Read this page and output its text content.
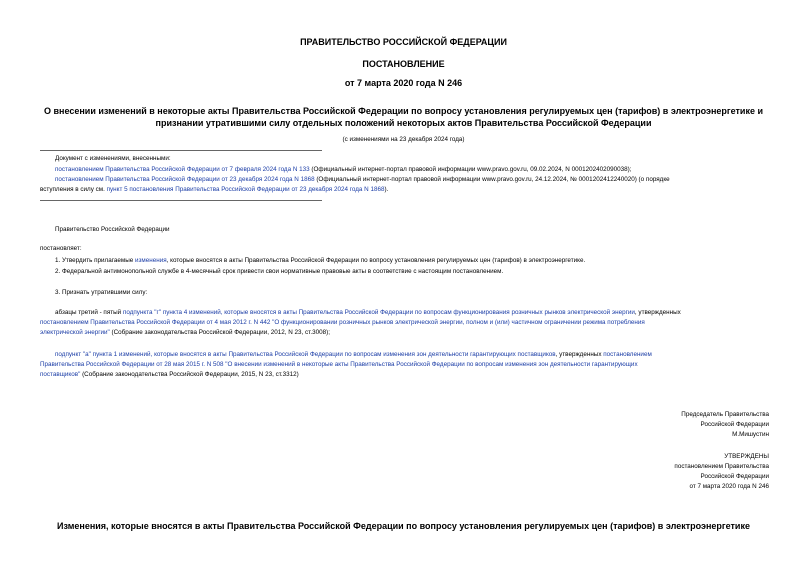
ПРАВИТЕЛЬСТВО РОССИЙСКОЙ ФЕДЕРАЦИИ
ПОСТАНОВЛЕНИЕ
от 7 марта 2020 года N 246
О внесении изменений в некоторые акты Правительства Российской Федерации по вопросу установления регулируемых цен (тарифов) в электроэнергетике и
признании утратившими силу отдельных положений некоторых актов Правительства Российской Федерации
(с изменениями на 23 декабря 2024 года)
Документ с изменениями, внесенными:
постановлением Правительства Российской Федерации от 7 февраля 2024 года N 133 (Официальный интернет-портал правовой информации www.pravo.gov.ru, 09.02.2024, N 0001202402090038);
постановлением Правительства Российской Федерации от 23 декабря 2024 года N 1868 (Официальный интернет-портал правовой информации www.pravo.gov.ru, 24.12.2024, № 0001202412240020) (о порядке
вступления в силу см. пункт 5 постановления Правительства Российской Федерации от 23 декабря 2024 года N 1868).
Правительство Российской Федерации
постановляет:
1. Утвердить прилагаемые изменения, которые вносятся в акты Правительства Российской Федерации по вопросу установления регулируемых цен (тарифов) в электроэнергетике.
2. Федеральной антимонопольной службе в 4-месячный срок привести свои нормативные правовые акты в соответствие с настоящим постановлением.
3. Признать утратившими силу:
абзацы третий - пятый подпункта "г" пункта 4 изменений, которые вносятся в акты Правительства Российской Федерации по вопросам функционирования розничных рынков электрической энергии, утвержденных
постановлением Правительства Российской Федерации от 4 мая 2012 г. N 442 "О функционировании розничных рынков электрической энергии, полном и (или) частичном ограничении режима потребления
электрической энергии" (Собрание законодательства Российской Федерации, 2012, N 23, ст.3008);
подпункт "а" пункта 1 изменений, которые вносятся в акты Правительства Российской Федерации по вопросам изменения зон деятельности гарантирующих поставщиков, утвержденных постановлением
Правительства Российской Федерации от 28 мая 2015 г. N 508 "О внесении изменений в некоторые акты Правительства Российской Федерации по вопросам изменения зон деятельности гарантирующих
поставщиков" (Собрание законодательства Российской Федерации, 2015, N 23, ст.3312)
Председатель Правительства
Российской Федерации
М.Мишустин
УТВЕРЖДЕНЫ
постановлением Правительства
Российской Федерации
от 7 марта 2020 года N 246
Изменения, которые вносятся в акты Правительства Российской Федерации по вопросу установления регулируемых цен (тарифов) в электроэнергетике
